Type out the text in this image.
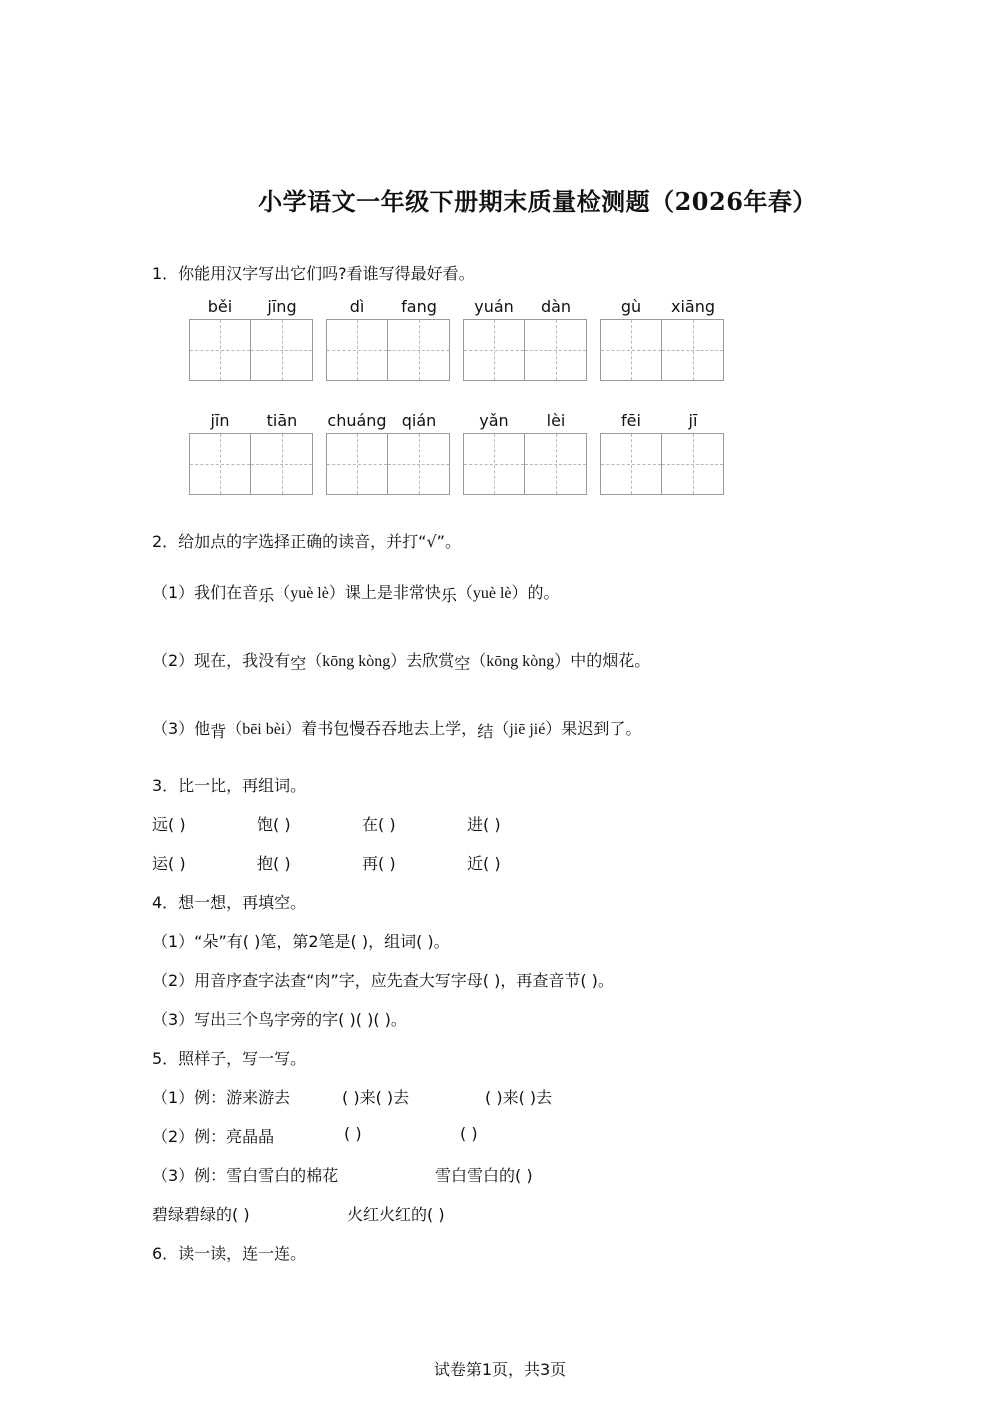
小学语文一年级下册期末质量检测题（2026年春）
1．你能用汉字写出它们吗?看谁写得最好看。
běi	jīng	dì	fang	yuán	dàn	gù	xiāng
jīn	tiān	chuáng qián	yǎn	lèi	fēi	jī
2．给加点的字选择正确的读音，并打“√”。
（1）我们在音乐（yuè lè）课上是非常快乐（yuè lè）的。
（2）现在，我没有空（kōng kòng）去欣赏空（kōng kòng）中的烟花。
（3）他背（bēi bèi）着书包慢吞吞地去上学，结（jiē jié）果迟到了。
3．比一比，再组词。
远( )	饱( )	在( )	进( )
运( )	抱( )	再( )	近( )
4．想一想，再填空。
（1）“朵”有( )笔，第2笔是( )，组词( )。
（2）用音序查字法查“肉”字，应先查大写字母( )，再查音节( )。
（3）写出三个鸟字旁的字( )( )( )。
5．照样子，写一写。
（1）例：游来游去	( )来( )去	( )来( )去
（2）例：亮晶晶	( )	( )
（3）例：雪白雪白的棉花	雪白雪白的( )
碧绿碧绿的( )	火红火红的( )
6．读一读，连一连。
试卷第1页，共3页
